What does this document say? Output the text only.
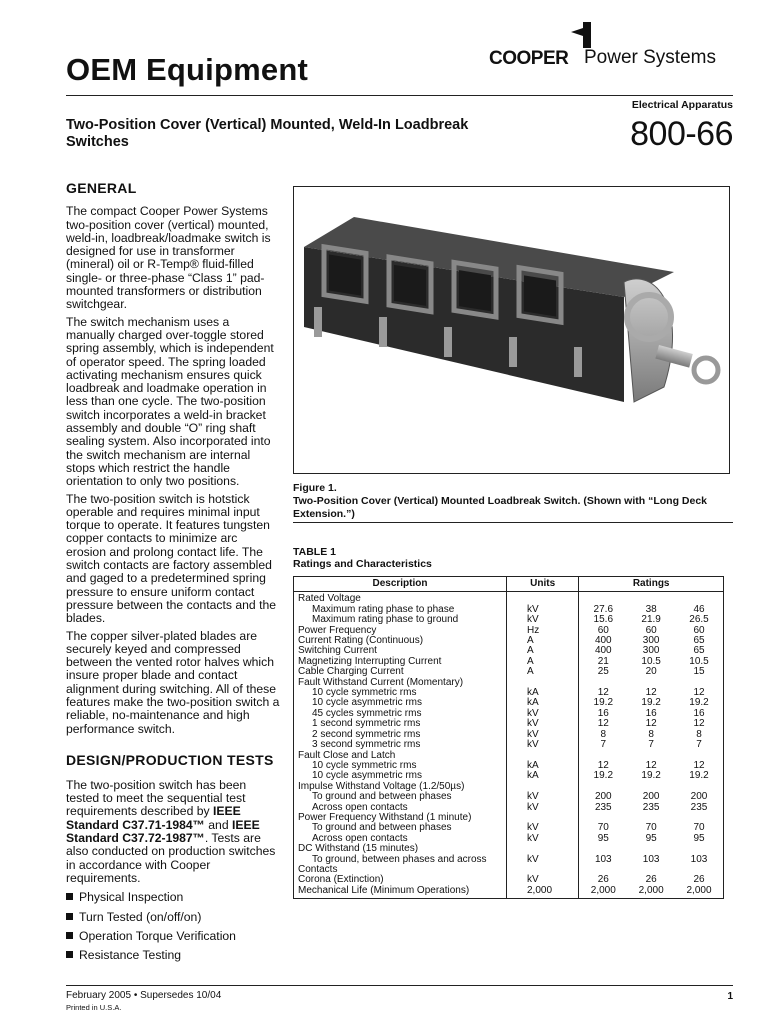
OEM Equipment	COOPER Power Systems
Two-Position Cover (Vertical) Mounted, Weld-In Loadbreak Switches
Electrical Apparatus
800-66
GENERAL

The compact Cooper Power Systems two-position cover (vertical) mounted, weld-in, loadbreak/loadmake switch is designed for use in transformer (mineral) oil or R-Temp® fluid-filled single- or three-phase “Class 1” pad-mounted transformers or distribution switchgear.

The switch mechanism uses a manually charged over-toggle stored spring assembly, which is independent of operator speed. The spring loaded activating mechanism ensures quick loadbreak and loadmake operation in less than one cycle. The two-position switch incorporates a weld-in bracket assembly and double “O” ring shaft sealing system. Also incorporated into the switch mechanism are internal stops which restrict the handle orientation to only two positions.

The two-position switch is hotstick operable and requires minimal input torque to operate. It features tungsten copper contacts to minimize arc erosion and prolong contact life. The switch contacts are factory assembled and gaged to a predetermined spring pressure to ensure uniform contact pressure between the contacts and the blades.

The copper silver-plated blades are securely keyed and compressed between the vented rotor halves which insure proper blade and contact alignment during switching. All of these features make the two-position switch a reliable, no-maintenance and high performance switch.

DESIGN/PRODUCTION TESTS

The two-position switch has been tested to meet the sequential test requirements described by IEEE Standard C37.71-1984™ and IEEE Standard C37.72-1987™. Tests are also conducted on production switches in accordance with Cooper requirements.

Physical Inspection
Turn Tested (on/off/on)
Operation Torque Verification
Resistance Testing
Figure 1.
Two-Position Cover (Vertical) Mounted Loadbreak Switch. (Shown with “Long Deck Extension.”)
TABLE 1
Ratings and Characteristics
Description	Units	Ratings		
Rated Voltage				
Maximum rating phase to phase	kV	27.6	38	46
Maximum rating phase to ground	kV	15.6	21.9	26.5
Power Frequency	Hz	60	60	60
Current Rating (Continuous)	A	400	300	65
Switching Current	A	400	300	65
Magnetizing Interrupting Current	A	21	10.5	10.5
Cable Charging Current	A	25	20	15
Fault Withstand Current (Momentary)				
10 cycle symmetric rms	kA	12	12	12
10 cycle asymmetric rms	kA	19.2	19.2	19.2
45 cycles symmetric rms	kV	16	16	16
1 second symmetric rms	kV	12	12	12
2 second symmetric rms	kV	8	8	8
3 second symmetric rms	kV	7	7	7
Fault Close and Latch				
10 cycle symmetric rms	kA	12	12	12
10 cycle asymmetric rms	kA	19.2	19.2	19.2
Impulse Withstand Voltage (1.2/50µs)				
To ground and between phases	kV	200	200	200
Across open contacts	kV	235	235	235
Power Frequency Withstand (1 minute)				
To ground and between phases	kV	70	70	70
Across open contacts	kV	95	95	95
DC Withstand (15 minutes)				
To ground, between phases and across	kV	103	103	103
Contacts				
Corona (Extinction)	kV	26	26	26
Mechanical Life (Minimum Operations)	2,000	2,000	2,000	2,000
February 2005 • Supersedes 10/04
Printed in U.S.A.
1
